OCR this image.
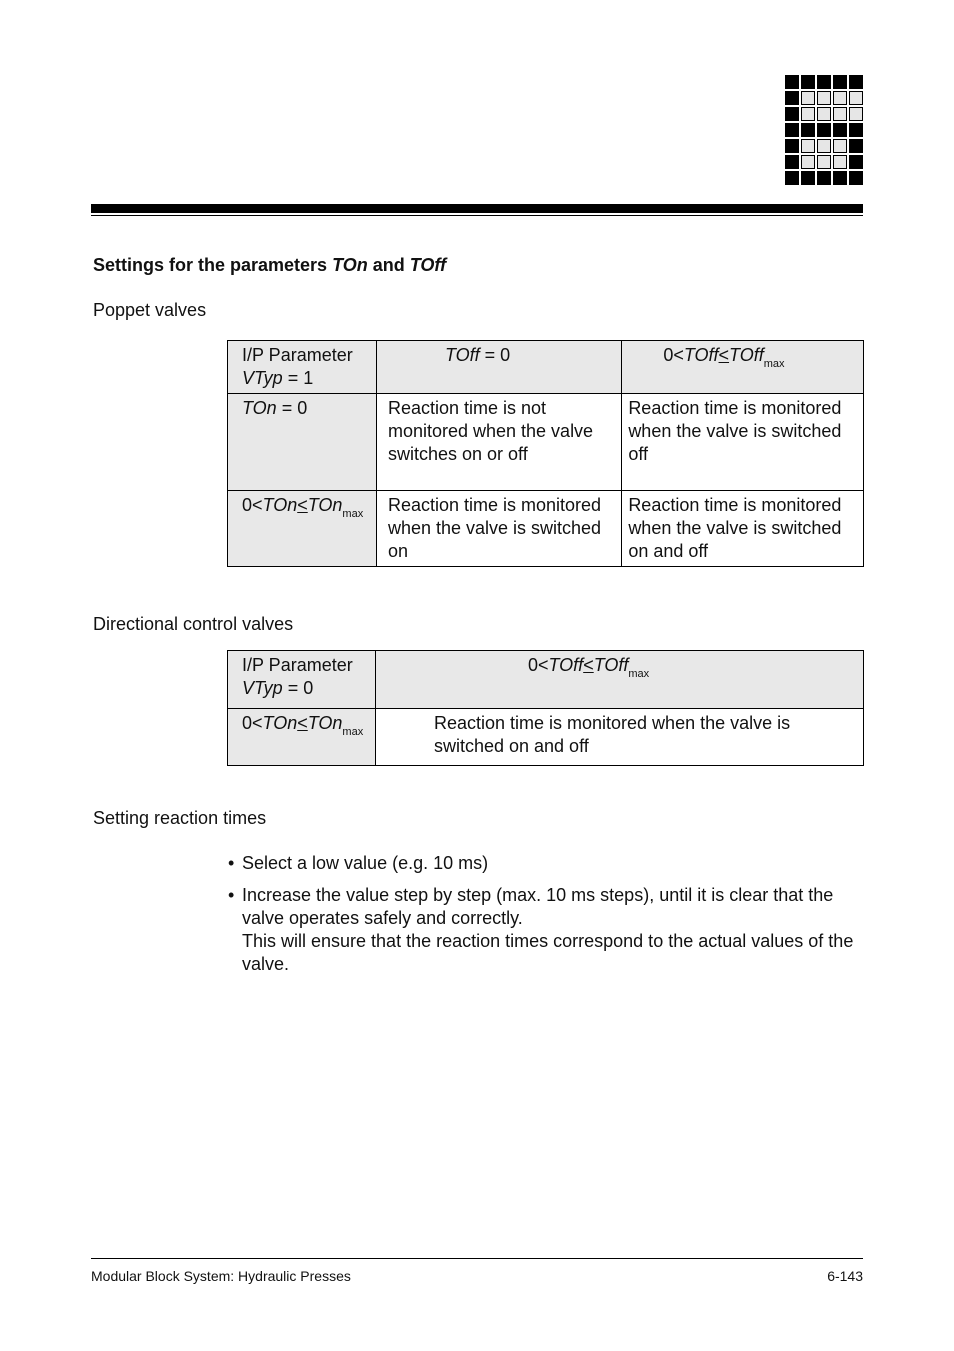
Settings for the parameters TOn and TOff
Poppet valves
I/P Parameter
VTyp = 1	TOff = 0	0<TOff<TOff$_{max}$
TOn = 0	Reaction time is not monitored when the valve switches on or off	Reaction time is monitored when the valve is switched off
0<TOn<TOn$_{max}$	Reaction time is monitored when the valve is switched on	Reaction time is monitored when the valve is switched on and off
Directional control valves
I/P Parameter
VTyp = 0	0<TOff<TOff$_{max}$
0<TOn<TOn$_{max}$	Reaction time is monitored when the valve is switched on and off
Setting reaction times
• Select a low value (e.g. 10 ms)
• Increase the value step by step (max. 10 ms steps), until it is clear that the valve operates safely and correctly.
This will ensure that the reaction times correspond to the actual values of the valve.
Modular Block System: Hydraulic Presses	6-143
